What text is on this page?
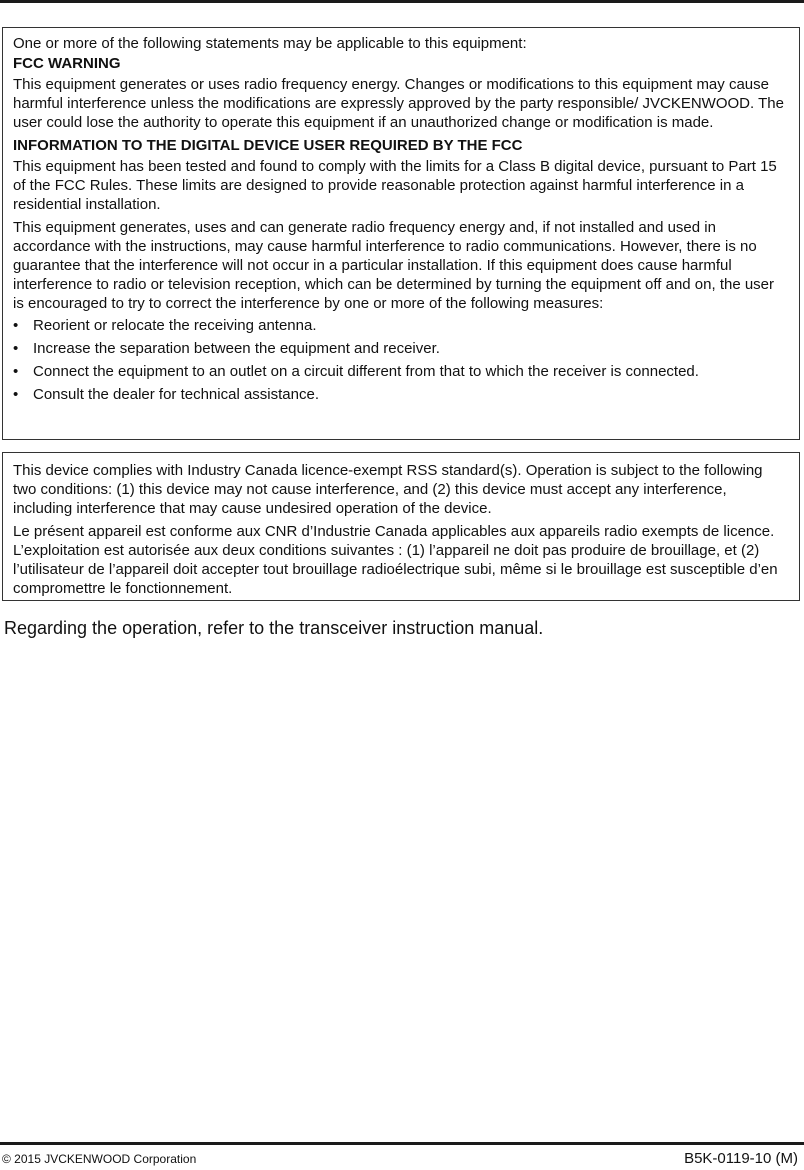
One or more of the following statements may be applicable to this equipment:

FCC WARNING

This equipment generates or uses radio frequency energy. Changes or modifications to this equipment may cause harmful interference unless the modifications are expressly approved by the party responsible/ JVCKENWOOD. The user could lose the authority to operate this equipment if an unauthorized change or modification is made.

INFORMATION TO THE DIGITAL DEVICE USER REQUIRED BY THE FCC

This equipment has been tested and found to comply with the limits for a Class B digital device, pursuant to Part 15 of the FCC Rules. These limits are designed to provide reasonable protection against harmful interference in a residential installation.

This equipment generates, uses and can generate radio frequency energy and, if not installed and used in accordance with the instructions, may cause harmful interference to radio communications. However, there is no guarantee that the interference will not occur in a particular installation. If this equipment does cause harmful interference to radio or television reception, which can be determined by turning the equipment off and on, the user is encouraged to try to correct the interference by one or more of the following measures:

• Reorient or relocate the receiving antenna.
• Increase the separation between the equipment and receiver.
• Connect the equipment to an outlet on a circuit different from that to which the receiver is connected.
• Consult the dealer for technical assistance.

This device complies with Industry Canada licence-exempt RSS standard(s). Operation is subject to the following two conditions: (1) this device may not cause interference, and (2) this device must accept any interference, including interference that may cause undesired operation of the device.

Le présent appareil est conforme aux CNR d’Industrie Canada applicables aux appareils radio exempts de licence. L’exploitation est autorisée aux deux conditions suivantes : (1) l’appareil ne doit pas produire de brouillage, et (2) l’utilisateur de l’appareil doit accepter tout brouillage radioélectrique subi, même si le brouillage est susceptible d’en compromettre le fonctionnement.

Regarding the operation, refer to the transceiver instruction manual.
© 2015 JVCKENWOOD Corporation	B5K-0119-10 (M)
